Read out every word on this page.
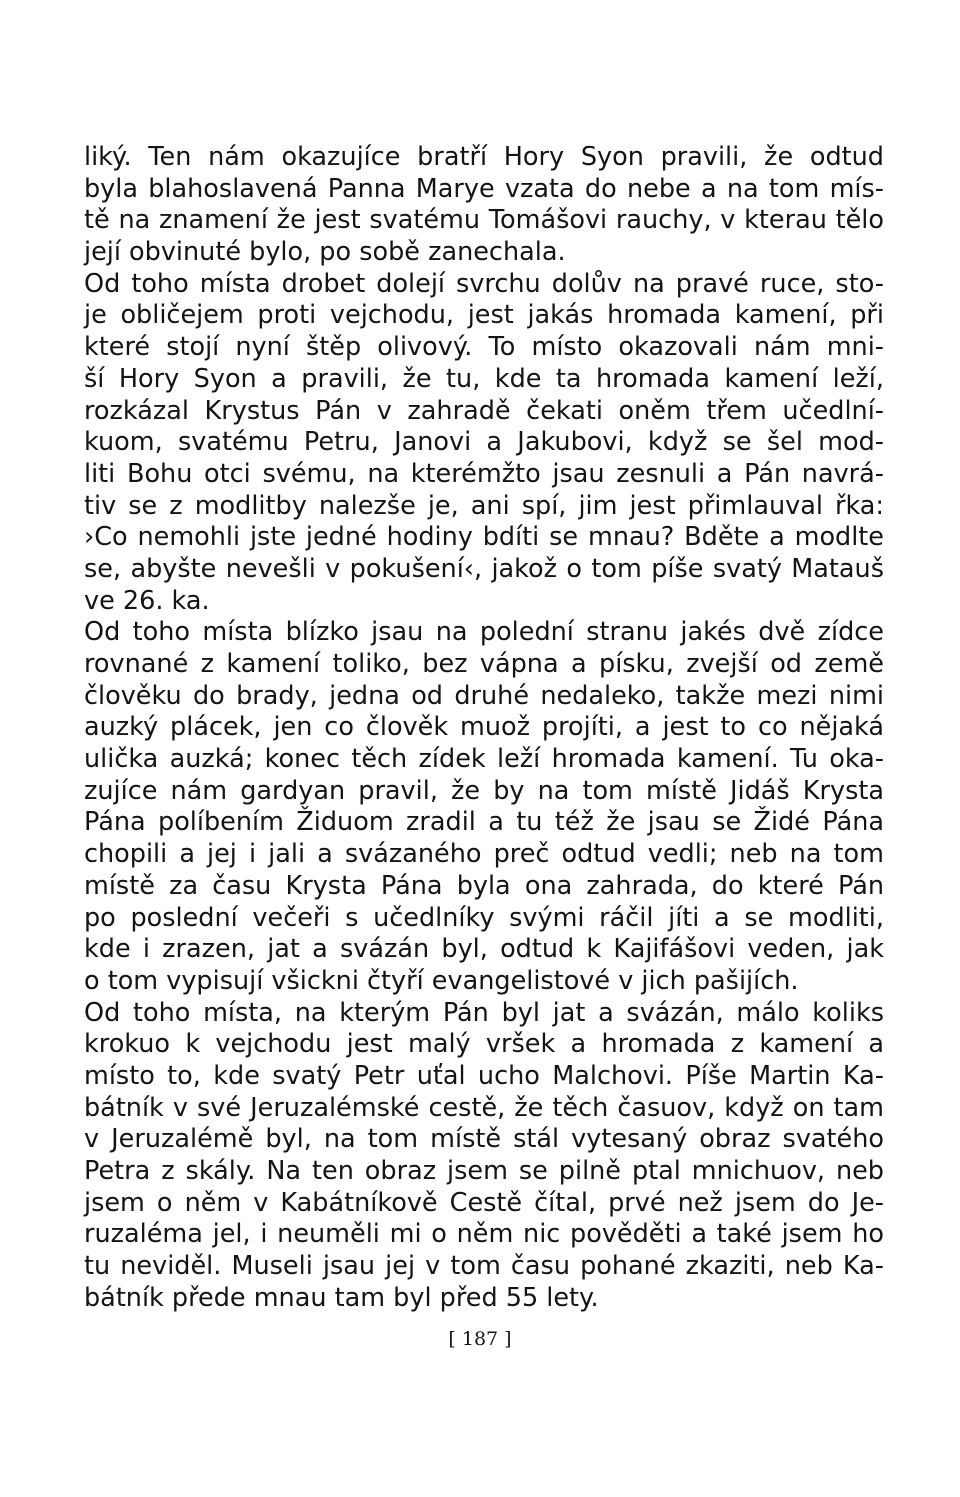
liký. Ten nám okazujíce bratří Hory Syon pravili, že odtud
byla blahoslavená Panna Marye vzata do nebe a na tom mís-
tě na znamení že jest svatému Tomášovi rauchy, v kterau tělo
její obvinuté bylo, po sobě zanechala.
Od toho místa drobet dolejí svrchu dolův na pravé ruce, sto-
je obličejem proti vejchodu, jest jakás hromada kamení, při
které stojí nyní štěp olivový. To místo okazovali nám mni-
ší Hory Syon a pravili, že tu, kde ta hromada kamení leží,
rozkázal Krystus Pán v zahradě čekati oněm třem učedlní-
kuom, svatému Petru, Janovi a Jakubovi, když se šel mod-
liti Bohu otci svému, na kterémžto jsau zesnuli a Pán navrá-
tiv se z modlitby nalezše je, ani spí, jim jest přimlauval řka:
›Co nemohli jste jedné hodiny bdíti se mnau? Bděte a modlte
se, abyšte nevešli v pokušení‹, jakož o tom píše svatý Matauš
ve 26. ka.
Od toho místa blízko jsau na polední stranu jakés dvě zídce
rovnané z kamení toliko, bez vápna a písku, zvejší od země
člověku do brady, jedna od druhé nedaleko, takže mezi nimi
auzký plácek, jen co člověk muož projíti, a jest to co nějaká
ulička auzká; konec těch zídek leží hromada kamení. Tu oka-
zujíce nám gardyan pravil, že by na tom místě Jidáš Krysta
Pána políbením Židuom zradil a tu též že jsau se Židé Pána
chopili a jej i jali a svázaného preč odtud vedli; neb na tom
místě za času Krysta Pána byla ona zahrada, do které Pán
po poslední večeři s učedlníky svými ráčil jíti a se modliti,
kde i zrazen, jat a svázán byl, odtud k Kajifášovi veden, jak
o tom vypisují všickni čtyří evangelistové v jich pašijích.
Od toho místa, na kterým Pán byl jat a svázán, málo koliks
krokuo k vejchodu jest malý vršek a hromada z kamení a
místo to, kde svatý Petr uťal ucho Malchovi. Píše Martin Ka-
bátník v své Jeruzalémské cestě, že těch časuov, když on tam
v Jeruzalémě byl, na tom místě stál vytesaný obraz svatého
Petra z skály. Na ten obraz jsem se pilně ptal mnichuov, neb
jsem o něm v Kabátníkově Cestě čítal, prvé než jsem do Je-
ruzaléma jel, i neuměli mi o něm nic pověděti a také jsem ho
tu neviděl. Museli jsau jej v tom času pohané zkaziti, neb Ka-
bátník přede mnau tam byl před 55 lety.
[ 187 ]
